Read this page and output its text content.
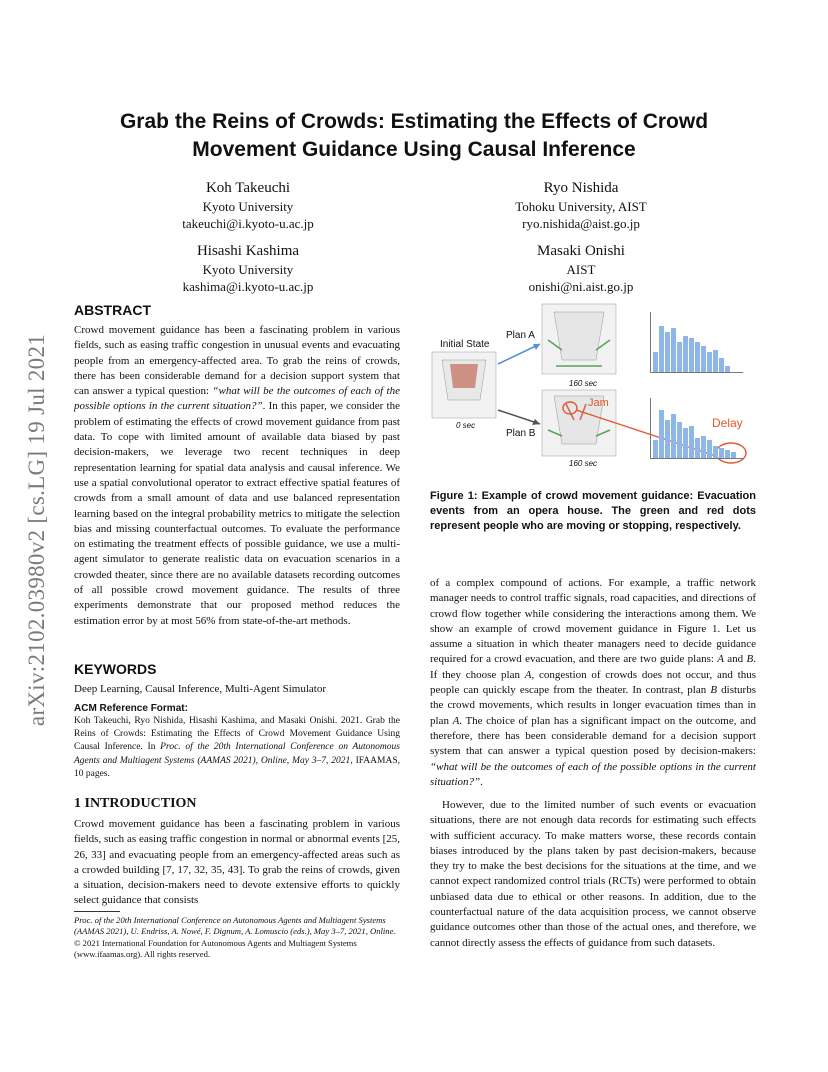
Grab the Reins of Crowds: Estimating the Effects of Crowd
Movement Guidance Using Causal Inference
Koh Takeuchi
Kyoto University
takeuchi@i.kyoto-u.ac.jp
Ryo Nishida
Tohoku University, AIST
ryo.nishida@aist.go.jp
Hisashi Kashima
Kyoto University
kashima@i.kyoto-u.ac.jp
Masaki Onishi
AIST
onishi@ni.aist.go.jp
arXiv:2102.03980v2 [cs.LG] 19 Jul 2021
ABSTRACT
Crowd movement guidance has been a fascinating problem in various fields, such as easing traffic congestion in unusual events and evacuating people from an emergency-affected area. To grab the reins of crowds, there has been considerable demand for a decision support system that can answer a typical question: “what will be the outcomes of each of the possible options in the current situation?”. In this paper, we consider the problem of estimating the effects of crowd movement guidance from past data. To cope with limited amount of available data biased by past decision-makers, we leverage two recent techniques in deep representation learning for spatial data analysis and causal inference. We use a spatial convolutional operator to extract effective spatial features of crowds from a small amount of data and use balanced representation learning based on the integral probability metrics to mitigate the selection bias and missing counterfactual outcomes. To evaluate the performance on estimating the treatment effects of possible guidance, we use a multi-agent simulator to generate realistic data on evacuation scenarios in a crowded theater, since there are no available datasets recording outcomes of all possible crowd movement guidance. The results of three experiments demonstrate that our proposed method reduces the estimation error by at most 56% from state-of-the-art methods.
KEYWORDS
Deep Learning, Causal Inference, Multi-Agent Simulator
ACM Reference Format:
Koh Takeuchi, Ryo Nishida, Hisashi Kashima, and Masaki Onishi. 2021. Grab the Reins of Crowds: Estimating the Effects of Crowd Movement Guidance Using Causal Inference. In Proc. of the 20th International Conference on Autonomous Agents and Multiagent Systems (AAMAS 2021), Online, May 3–7, 2021, IFAAMAS, 10 pages.
1 INTRODUCTION
Crowd movement guidance has been a fascinating problem in various fields, such as easing traffic congestion in normal or abnormal events [25, 26, 33] and evacuating people from an emergency-affected areas such as a crowded building [7, 17, 32, 35, 43]. To grab the reins of crowds, given a situation, decision-makers need to devote extensive efforts to quickly select guidance that consists
Proc. of the 20th International Conference on Autonomous Agents and Multiagent Systems (AAMAS 2021), U. Endriss, A. Nowé, F. Dignum, A. Lomuscio (eds.), May 3–7, 2021, Online. © 2021 International Foundation for Autonomous Agents and Multiagent Systems (www.ifaamas.org). All rights reserved.
Initial State
Plan A
Plan B
0 sec
160 sec
160 sec
Jam
Delay
Figure 1: Example of crowd movement guidance: Evacuation events from an opera house. The green and red dots represent people who are moving or stopping, respectively.
of a complex compound of actions. For example, a traffic network manager needs to control traffic signals, road capacities, and directions of crowd flow together while considering the interactions among them. We show an example of crowd movement guidance in Figure 1. Let us assume a situation in which theater managers need to decide guidance required for a crowd evacuation, and there are two guide plans: A and B. If they choose plan A, congestion of crowds does not occur, and thus people can quickly escape from the theater. In contrast, plan B disturbs the crowd movements, which results in longer evacuation times than in plan A. The choice of plan has a significant impact on the outcome, and therefore, there has been considerable demand for a decision support system that can answer a typical question posed by decision-makers: “what will be the outcomes of each of the possible options in the current situation?”.
However, due to the limited number of such events or evacuation situations, there are not enough data records for estimating such effects with sufficient accuracy. To make matters worse, these records contain biases introduced by the plans taken by past decision-makers, because they try to make the best decisions for the situations at the time, and we cannot expect randomized control trials (RCTs) were performed to obtain unbiased data due to ethical or other reasons. In addition, due to the counterfactual nature of the data acquisition process, we cannot observe guidance outcomes other than those of the actual ones, and therefore, we cannot directly assess the effects of guidance from such datasets.
